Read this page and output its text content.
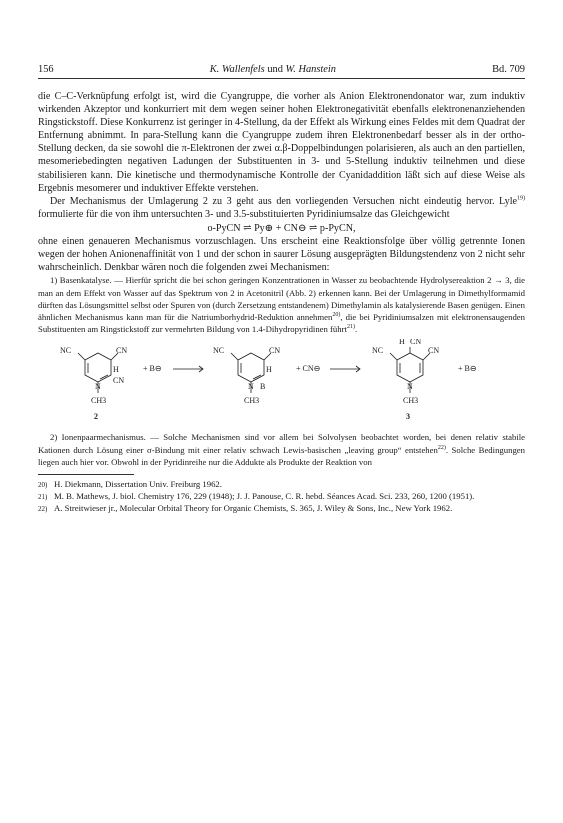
156	K. Wallenfels und W. Hanstein	Bd. 709

die C–C-Verknüpfung erfolgt ist, wird die Cyangruppe, die vorher als Anion Elektronendonator war, zum induktiv wirkenden Akzeptor und konkurriert mit dem wegen seiner hohen Elektronegativität ebenfalls elektronenanziehenden Ringstickstoff. Diese Konkurrenz ist geringer in 4-Stellung, da der Effekt als Wirkung eines Feldes mit dem Quadrat der Entfernung abnimmt. In para-Stellung kann die Cyangruppe zudem ihren Elektronenbedarf besser als in der ortho-Stellung decken, da sie sowohl die π-Elektronen der zwei α.β-Doppelbindungen polarisieren, als auch an den partiellen, mesomeriebedingten negativen Ladungen der Substituenten in 3- und 5-Stellung induktiv teilnehmen und diese stabilisieren kann. Die kinetische und thermodynamische Kontrolle der Cyanidaddition läßt sich auf diese Weise als Ergebnis mesomerer und induktiver Effekte verstehen.

Der Mechanismus der Umlagerung 2 zu 3 geht aus den vorliegenden Versuchen nicht eindeutig hervor. Lyle$^{19)}$ formulierte für die von ihm untersuchten 3- und 3.5-substituierten Pyridiniumsalze das Gleichgewicht

o-PyCN ⇌ Py⊕ + CN⊖ ⇌ p-PyCN,

ohne einen genaueren Mechanismus vorzuschlagen. Uns erscheint eine Reaktionsfolge über völlig getrennte Ionen wegen der hohen Anionenaffinität von 1 und der schon in saurer Lösung ausgeprägten Bildungstendenz von 2 nicht sehr wahrscheinlich. Denkbar wären noch die folgenden zwei Mechanismen:

1) Basenkatalyse. — Hierfür spricht die bei schon geringen Konzentrationen in Wasser zu beobachtende Hydrolysereaktion 2 → 3, die man an dem Effekt von Wasser auf das Spektrum von 2 in Acetonitril (Abb. 2) erkennen kann. Bei der Umlagerung in Dimethylformamid dürften das Lösungsmittel selbst oder Spuren von (durch Zersetzung entstandenem) Dimethylamin als katalysierende Basen genügen. Einen ähnlichen Mechanismus kann man für die Natriumborhydrid-Reduktion annehmen$^{20)}$, die bei Pyridiniumsalzen mit elektronensaugenden Substituenten am Ringstickstoff zur vermehrten Bildung von 1.4-Dihydropyridinen führt$^{21)}$.

NC	CN
H
CN
N
CH3
2
+ B⊖
NC	CN
H
N B
CH3
+ CN⊖
H CN
NC	CN
N
CH3
3
+ B⊖

2) Ionenpaarmechanismus. — Solche Mechanismen sind vor allem bei Solvolysen beobachtet worden, bei denen relativ stabile Kationen durch Lösung einer σ-Bindung mit einer relativ schwach Lewis-basischen „leaving group“ entstehen$^{22)}$. Solche Bedingungen liegen auch hier vor. Obwohl in der Pyridinreihe nur die Addukte als Produkte der Reaktion von

20) H. Diekmann, Dissertation Univ. Freiburg 1962.

21) M. B. Mathews, J. biol. Chemistry 176, 229 (1948); J. J. Panouse, C. R. hebd. Séances Acad. Sci. 233, 260, 1200 (1951).

22) A. Streitwieser jr., Molecular Orbital Theory for Organic Chemists, S. 365, J. Wiley & Sons, Inc., New York 1962.
